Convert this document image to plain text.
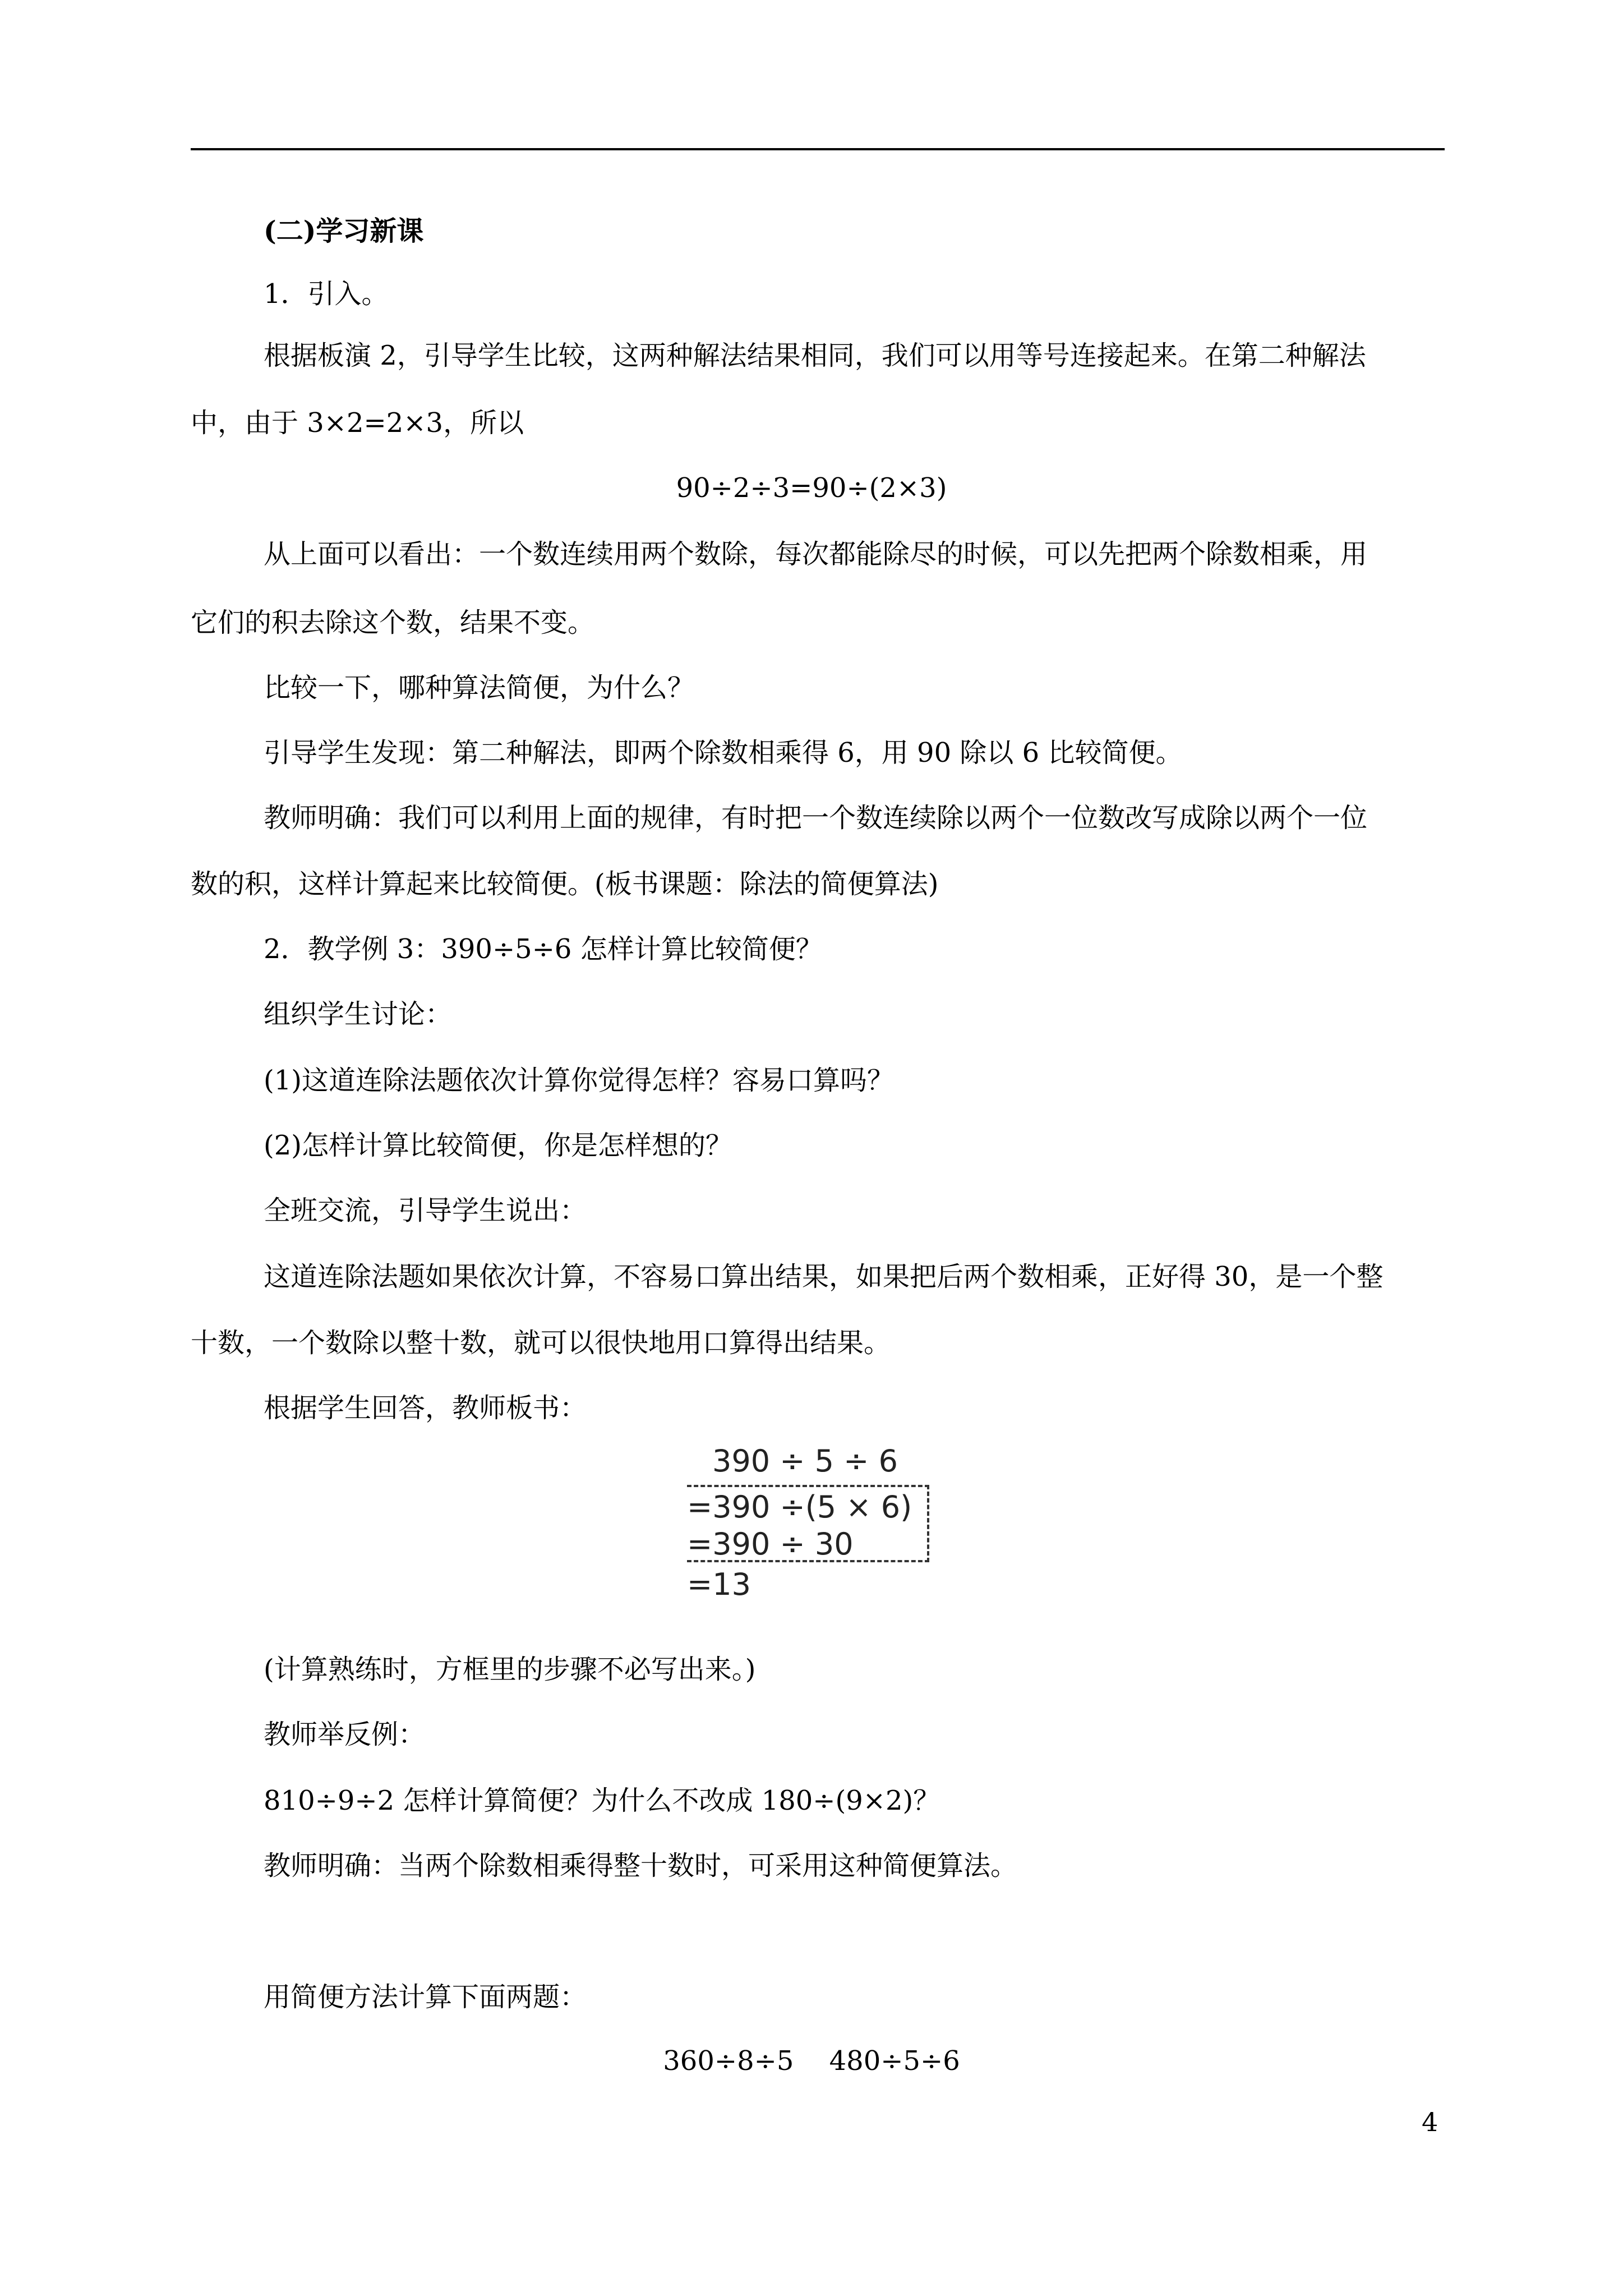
(二)学习新课
1．引入。
根据板演 2，引导学生比较，这两种解法结果相同，我们可以用等号连接起来。在第二种解法
中，由于 3×2=2×3，所以
90÷2÷3=90÷(2×3)
从上面可以看出：一个数连续用两个数除，每次都能除尽的时候，可以先把两个除数相乘，用
它们的积去除这个数，结果不变。
比较一下，哪种算法简便，为什么？
引导学生发现：第二种解法，即两个除数相乘得 6，用 90 除以 6 比较简便。
教师明确：我们可以利用上面的规律，有时把一个数连续除以两个一位数改写成除以两个一位
数的积，这样计算起来比较简便。(板书课题：除法的简便算法)
2．教学例 3：390÷5÷6 怎样计算比较简便？
组织学生讨论：
(1)这道连除法题依次计算你觉得怎样？容易口算吗？
(2)怎样计算比较简便，你是怎样想的？
全班交流，引导学生说出：
这道连除法题如果依次计算，不容易口算出结果，如果把后两个数相乘，正好得 30，是一个整
十数，一个数除以整十数，就可以很快地用口算得出结果。
根据学生回答，教师板书：
390 ÷ 5 ÷ 6
=390 ÷(5 × 6)
=390 ÷ 30
=13
(计算熟练时，方框里的步骤不必写出来。)
教师举反例：
810÷9÷2 怎样计算简便？为什么不改成 180÷(9×2)？
教师明确：当两个除数相乘得整十数时，可采用这种简便算法。
用简便方法计算下面两题：
360÷8÷5　 480÷5÷6
4
